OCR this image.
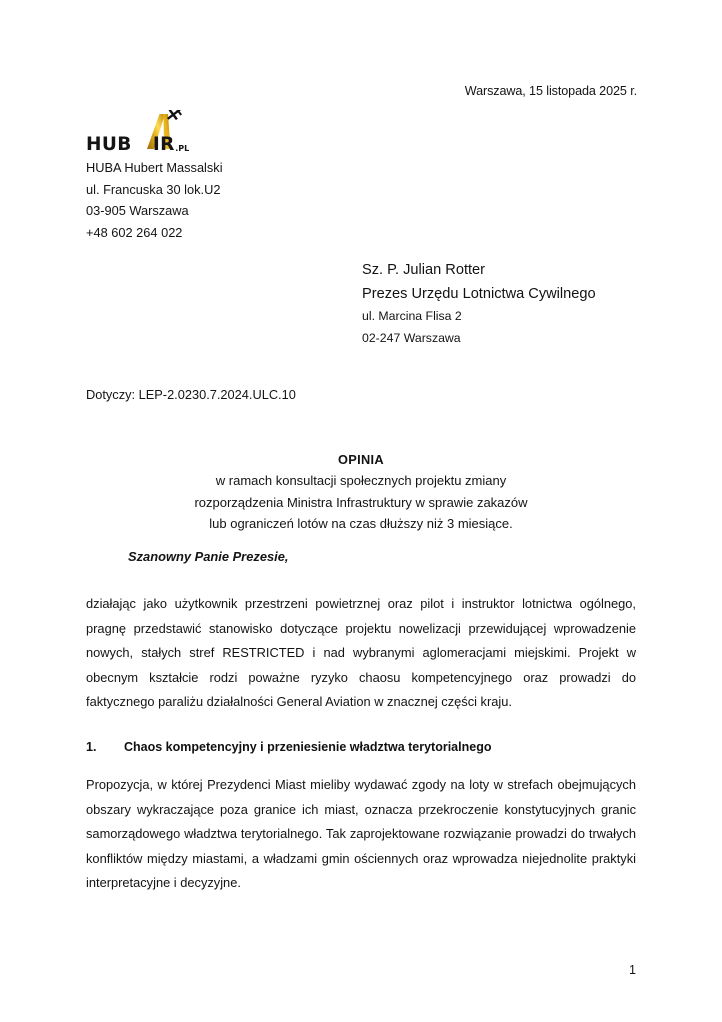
Warszawa, 15 listopada 2025 r.
HUB IR .PL
HUBA Hubert Massalski
ul. Francuska 30 lok.U2
03-905 Warszawa
+48 602 264 022
Sz. P. Julian Rotter
Prezes Urzędu Lotnictwa Cywilnego
ul. Marcina Flisa 2
02-247 Warszawa
Dotyczy: LEP-2.0230.7.2024.ULC.10
OPINIA
w ramach konsultacji społecznych projektu zmiany
rozporządzenia Ministra Infrastruktury w sprawie zakazów
lub ograniczeń lotów na czas dłuższy niż 3 miesiące.
Szanowny Panie Prezesie,

działając jako użytkownik przestrzeni powietrznej oraz pilot i instruktor lotnictwa ogólnego, pragnę przedstawić stanowisko dotyczące projektu nowelizacji przewidującej wprowadzenie nowych, stałych stref RESTRICTED i nad wybranymi aglomeracjami miejskimi. Projekt w obecnym kształcie rodzi poważne ryzyko chaosu kompetencyjnego oraz prowadzi do faktycznego paraliżu działalności General Aviation w znacznej części kraju.

1.	Chaos kompetencyjny i przeniesienie władztwa terytorialnego

Propozycja, w której Prezydenci Miast mieliby wydawać zgody na loty w strefach obejmujących obszary wykraczające poza granice ich miast, oznacza przekroczenie konstytucyjnych granic samorządowego władztwa terytorialnego. Tak zaprojektowane rozwiązanie prowadzi do trwałych konfliktów między miastami, a władzami gmin ościennych oraz wprowadza niejednolite praktyki interpretacyjne i decyzyjne.

1
